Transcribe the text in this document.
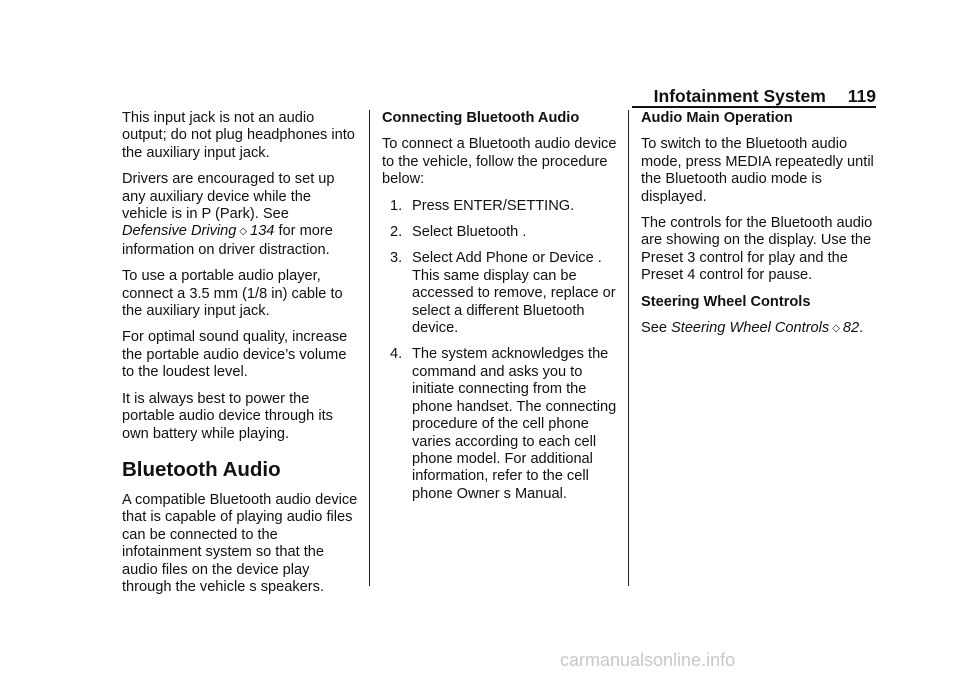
Infotainment System 119

This input jack is not an audio output; do not plug headphones into the auxiliary input jack.

Drivers are encouraged to set up any auxiliary device while the vehicle is in P (Park). See
Defensive Driving ◇ 134 for more information on driver distraction.

To use a portable audio player, connect a 3.5 mm (1/8 in) cable to the auxiliary input jack.

For optimal sound quality, increase the portable audio device’s volume to the loudest level.

It is always best to power the portable audio device through its own battery while playing.

Bluetooth Audio

A compatible Bluetooth audio device that is capable of playing audio files can be connected to the infotainment system so that the audio files on the device play through the vehicle s speakers.

Connecting Bluetooth Audio

To connect a Bluetooth audio device to the vehicle, follow the procedure below:

1. Press ENTER/SETTING.
2. Select Bluetooth .
3. Select Add Phone or Device . This same display can be accessed to remove, replace or select a different Bluetooth device.
4. The system acknowledges the command and asks you to initiate connecting from the phone handset. The connecting procedure of the cell phone varies according to each cell phone model. For additional information, refer to the cell phone Owner s Manual.
Audio Main Operation

To switch to the Bluetooth audio mode, press MEDIA repeatedly until the Bluetooth audio mode is displayed.

The controls for the Bluetooth audio are showing on the display. Use the Preset 3 control for play and the Preset 4 control for pause.

Steering Wheel Controls

See Steering Wheel Controls ◇ 82.

carmanualsonline.info
